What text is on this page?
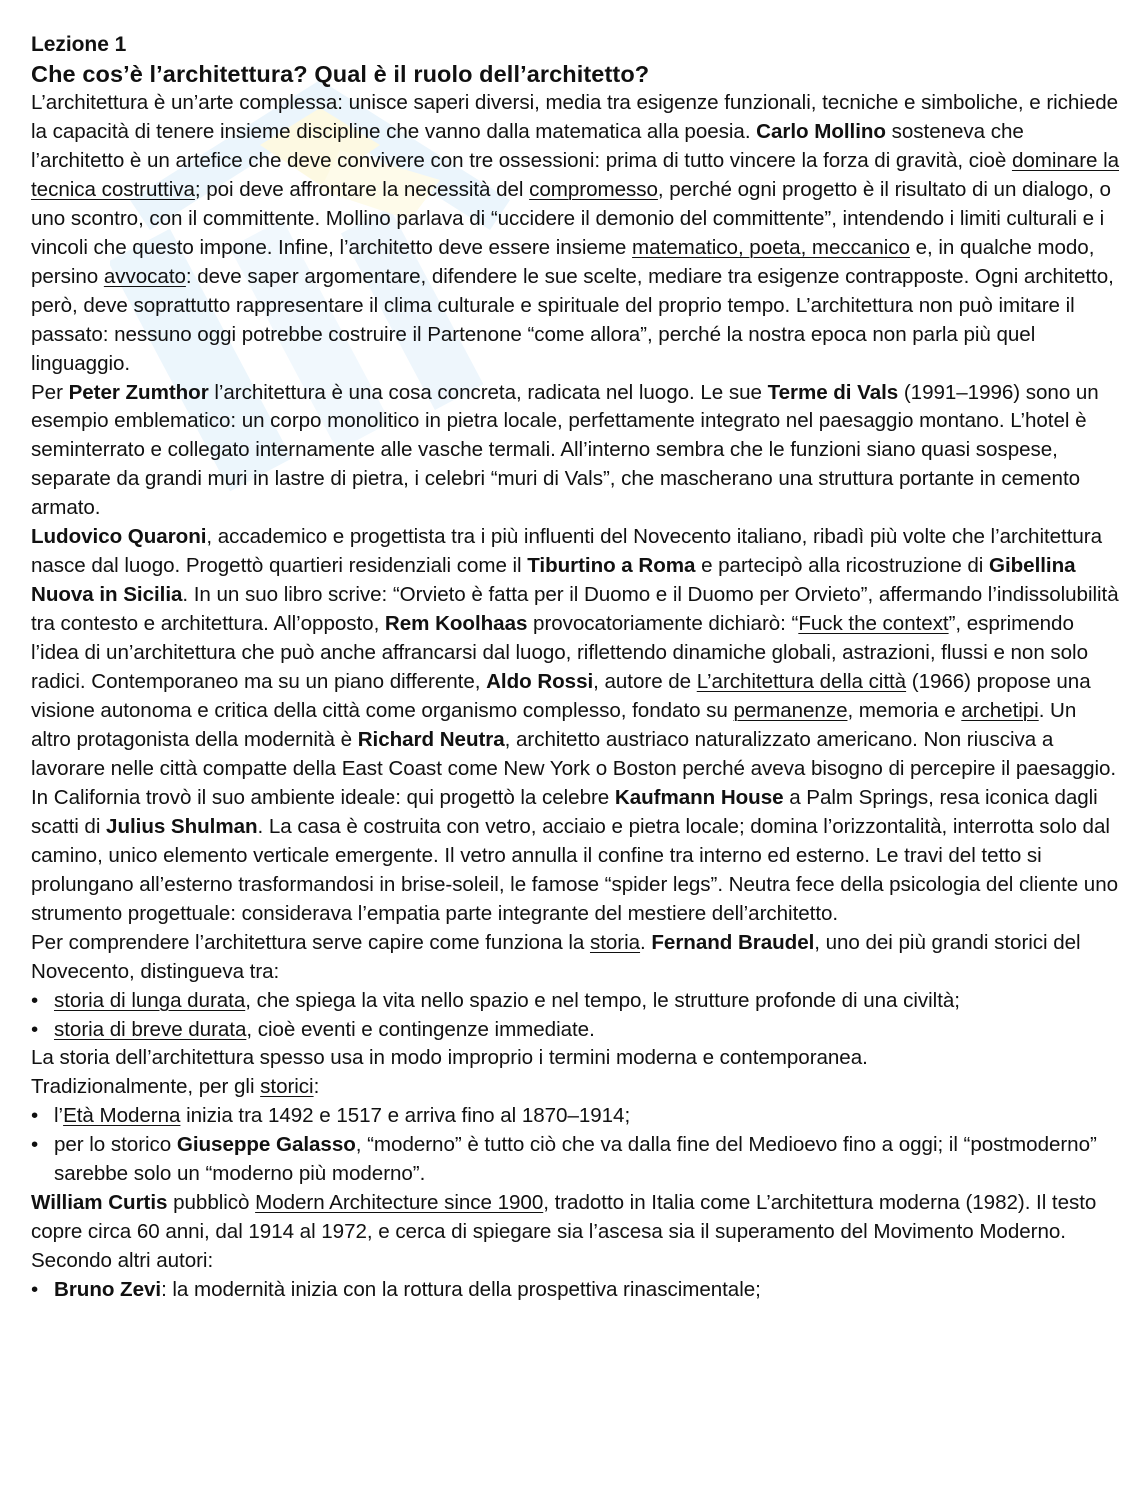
Lezione 1
Che cos’è l’architettura? Qual è il ruolo dell’architetto?

L’architettura è un’arte complessa: unisce saperi diversi, media tra esigenze funzionali, tecniche e simboliche, e richiede la capacità di tenere insieme discipline che vanno dalla matematica alla poesia. Carlo Mollino sosteneva che l’architetto è un artefice che deve convivere con tre ossessioni: prima di tutto vincere la forza di gravità, cioè dominare la tecnica costruttiva; poi deve affrontare la necessità del compromesso, perché ogni progetto è il risultato di un dialogo, o uno scontro, con il committente. Mollino parlava di “uccidere il demonio del committente”, intendendo i limiti culturali e i vincoli che questo impone. Infine, l’architetto deve essere insieme matematico, poeta, meccanico e, in qualche modo, persino avvocato: deve saper argomentare, difendere le sue scelte, mediare tra esigenze contrapposte. Ogni architetto, però, deve soprattutto rappresentare il clima culturale e spirituale del proprio tempo. L’architettura non può imitare il passato: nessuno oggi potrebbe costruire il Partenone “come allora”, perché la nostra epoca non parla più quel linguaggio.

Per Peter Zumthor l’architettura è una cosa concreta, radicata nel luogo. Le sue Terme di Vals (1991–1996) sono un esempio emblematico: un corpo monolitico in pietra locale, perfettamente integrato nel paesaggio montano. L’hotel è seminterrato e collegato internamente alle vasche termali. All’interno sembra che le funzioni siano quasi sospese, separate da grandi muri in lastre di pietra, i celebri “muri di Vals”, che mascherano una struttura portante in cemento armato.

Ludovico Quaroni, accademico e progettista tra i più influenti del Novecento italiano, ribadì più volte che l’architettura nasce dal luogo. Progettò quartieri residenziali come il Tiburtino a Roma e partecipò alla ricostruzione di Gibellina Nuova in Sicilia. In un suo libro scrive: “Orvieto è fatta per il Duomo e il Duomo per Orvieto”, affermando l’indissolubilità tra contesto e architettura. All’opposto, Rem Koolhaas provocatoriamente dichiarò: “Fuck the context”, esprimendo l’idea di un’architettura che può anche affrancarsi dal luogo, riflettendo dinamiche globali, astrazioni, flussi e non solo radici. Contemporaneo ma su un piano differente, Aldo Rossi, autore de L’architettura della città (1966) propose una visione autonoma e critica della città come organismo complesso, fondato su permanenze, memoria e archetipi. Un altro protagonista della modernità è Richard Neutra, architetto austriaco naturalizzato americano. Non riusciva a lavorare nelle città compatte della East Coast come New York o Boston perché aveva bisogno di percepire il paesaggio. In California trovò il suo ambiente ideale: qui progettò la celebre Kaufmann House a Palm Springs, resa iconica dagli scatti di Julius Shulman. La casa è costruita con vetro, acciaio e pietra locale; domina l’orizzontalità, interrotta solo dal camino, unico elemento verticale emergente. Il vetro annulla il confine tra interno ed esterno. Le travi del tetto si prolungano all’esterno trasformandosi in brise-soleil, le famose “spider legs”. Neutra fece della psicologia del cliente uno strumento progettuale: considerava l’empatia parte integrante del mestiere dell’architetto.

Per comprendere l’architettura serve capire come funziona la storia. Fernand Braudel, uno dei più grandi storici del Novecento, distingueva tra:

• storia di lunga durata, che spiega la vita nello spazio e nel tempo, le strutture profonde di una civiltà;
• storia di breve durata, cioè eventi e contingenze immediate.

La storia dell’architettura spesso usa in modo improprio i termini moderna e contemporanea.

Tradizionalmente, per gli storici:

• l’Età Moderna inizia tra 1492 e 1517 e arriva fino al 1870–1914;
• per lo storico Giuseppe Galasso, “moderno” è tutto ciò che va dalla fine del Medioevo fino a oggi; il “postmoderno” sarebbe solo un “moderno più moderno”.

William Curtis pubblicò Modern Architecture since 1900, tradotto in Italia come L’architettura moderna (1982). Il testo copre circa 60 anni, dal 1914 al 1972, e cerca di spiegare sia l’ascesa sia il superamento del Movimento Moderno.

Secondo altri autori:

• Bruno Zevi: la modernità inizia con la rottura della prospettiva rinascimentale;
